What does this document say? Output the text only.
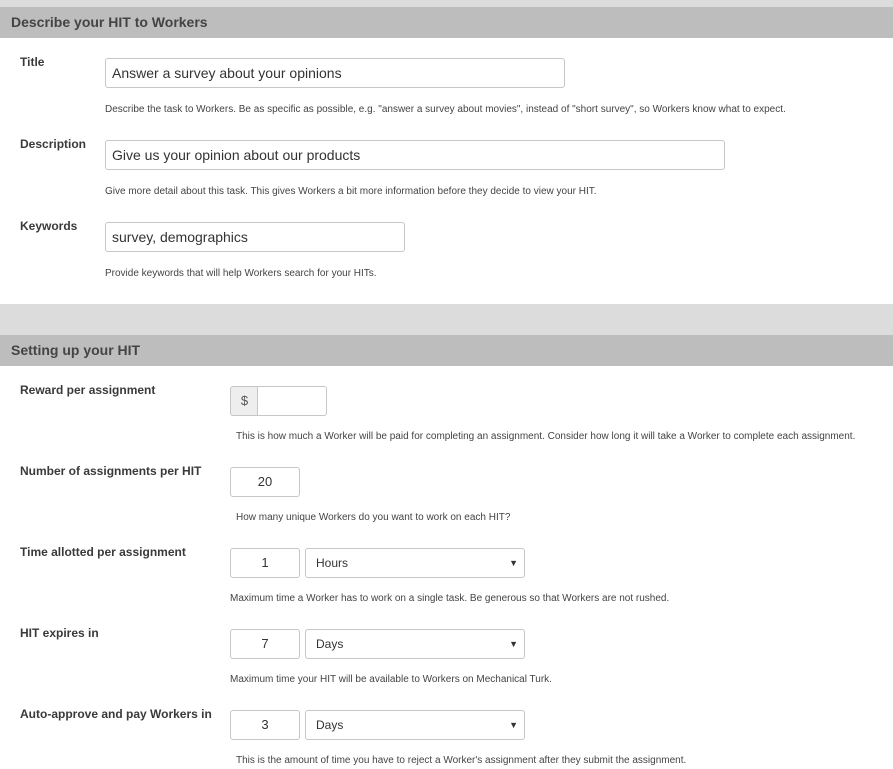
Describe your HIT to Workers
Title
Answer a survey about your opinions
Describe the task to Workers. Be as specific as possible, e.g. "answer a survey about movies", instead of "short survey", so Workers know what to expect.
Description
Give us your opinion about our products
Give more detail about this task. This gives Workers a bit more information before they decide to view your HIT.
Keywords
survey, demographics
Provide keywords that will help Workers search for your HITs.
Setting up your HIT
Reward per assignment
$
This is how much a Worker will be paid for completing an assignment. Consider how long it will take a Worker to complete each assignment.
Number of assignments per HIT
20
How many unique Workers do you want to work on each HIT?
Time allotted per assignment
1	Hours	▼
Maximum time a Worker has to work on a single task. Be generous so that Workers are not rushed.
HIT expires in
7	Days	▼
Maximum time your HIT will be available to Workers on Mechanical Turk.
Auto-approve and pay Workers in
3	Days	▼
This is the amount of time you have to reject a Worker's assignment after they submit the assignment.
